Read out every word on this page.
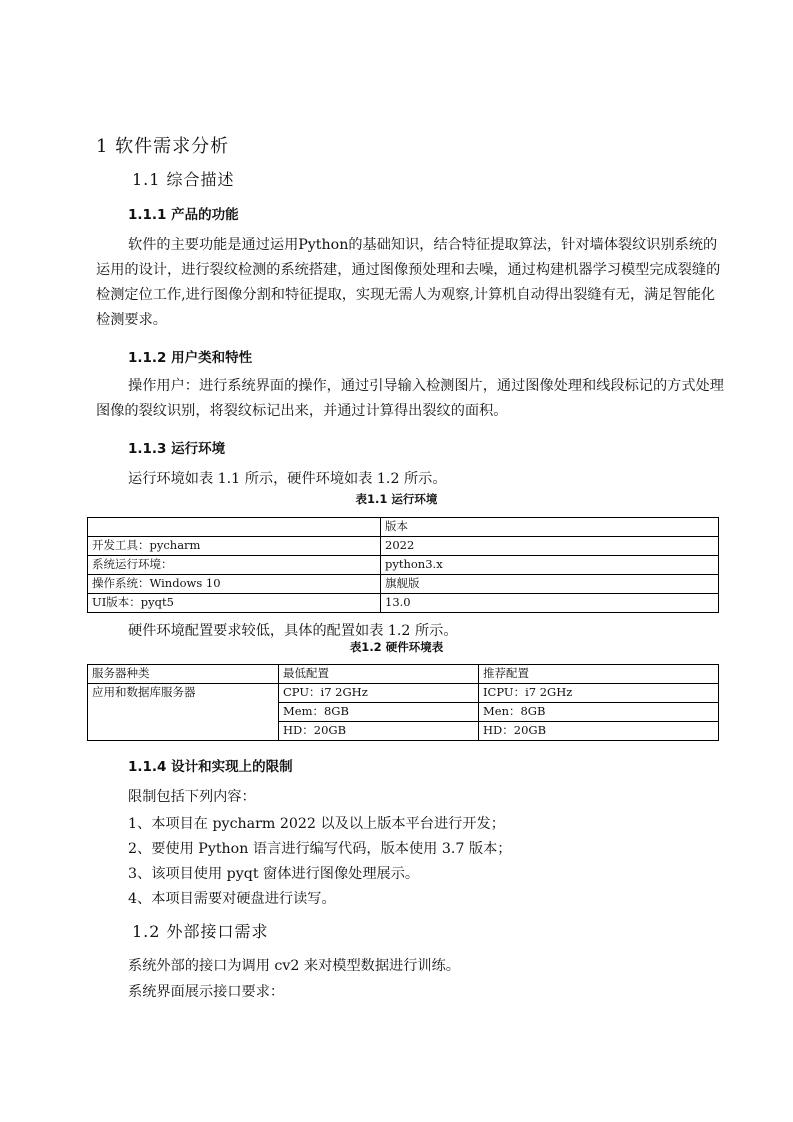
1 软件需求分析
1.1 综合描述
1.1.1 产品的功能

软件的主要功能是通过运用Python的基础知识，结合特征提取算法，针对墙体裂纹识别系统的运用的设计，进行裂纹检测的系统搭建，通过图像预处理和去噪，通过构建机器学习模型完成裂缝的检测定位工作,进行图像分割和特征提取，实现无需人为观察,计算机自动得出裂缝有无，满足智能化检测要求。

1.1.2 用户类和特性

操作用户：进行系统界面的操作，通过引导输入检测图片，通过图像处理和线段标记的方式处理图像的裂纹识别，将裂纹标记出来，并通过计算得出裂纹的面积。

1.1.3 运行环境
运行环境如表 1.1 所示，硬件环境如表 1.2 所示。
表1.1 运行环境
	版本
开发工具：pycharm	2022
系统运行环境：	python3.x
操作系统：Windows 10	旗舰版
UI版本：pyqt5	13.0
硬件环境配置要求较低，具体的配置如表 1.2 所示。
表1.2 硬件环境表
服务器种类	最低配置	推荐配置
应用和数据库服务器	CPU：i7 2GHz	ICPU：i7 2GHz
	Mem：8GB	Men：8GB
	HD：20GB	HD：20GB
1.1.4 设计和实现上的限制
限制包括下列内容：
1、本项目在 pycharm 2022 以及以上版本平台进行开发；
2、要使用 Python 语言进行编写代码，版本使用 3.7 版本；
3、该项目使用 pyqt 窗体进行图像处理展示。
4、本项目需要对硬盘进行读写。
1.2 外部接口需求
系统外部的接口为调用 cv2 来对模型数据进行训练。
系统界面展示接口要求：
